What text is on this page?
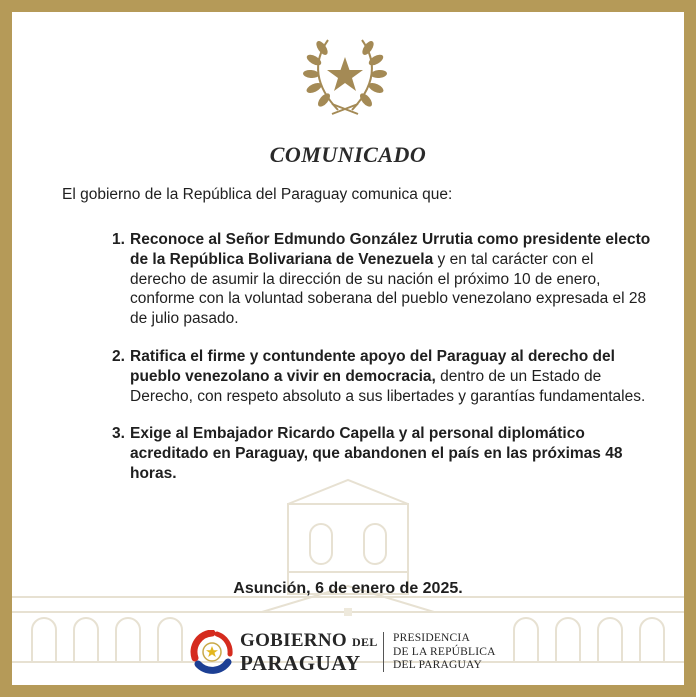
COMUNICADO

El gobierno de la República del Paraguay comunica que:

1. Reconoce al Señor Edmundo González Urrutia como presidente electo de la República Bolivariana de Venezuela y en tal carácter con el derecho de asumir la dirección de su nación el próximo 10 de enero, conforme con la voluntad soberana del pueblo venezolano expresada el 28 de julio pasado.
2. Ratifica el firme y contundente apoyo del Paraguay al derecho del pueblo venezolano a vivir en democracia, dentro de un Estado de Derecho, con respeto absoluto a sus libertades y garantías fundamentales.
3. Exige al Embajador Ricardo Capella y al personal diplomático acreditado en Paraguay, que abandonen el país en las próximas 48 horas.

Asunción, 6 de enero de 2025.

GOBIERNO DEL
PARAGUAY
PRESIDENCIA
DE LA REPÚBLICA
DEL PARAGUAY
